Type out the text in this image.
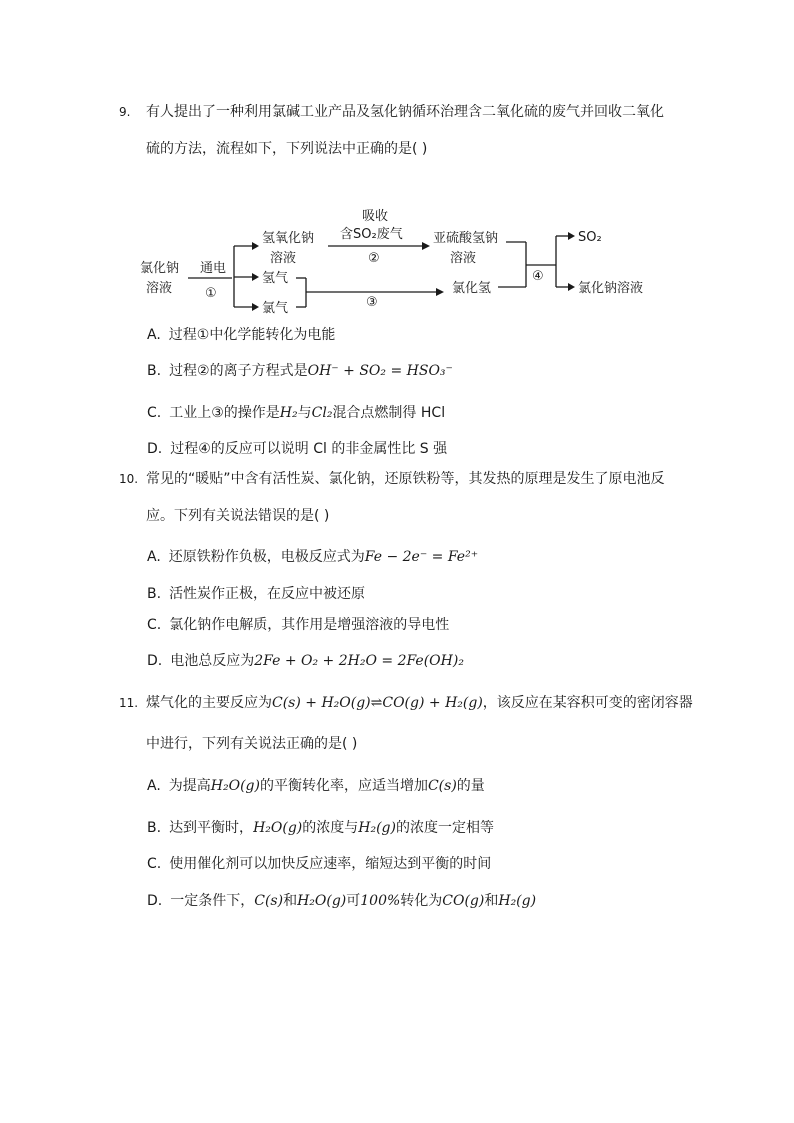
9. 有人提出了一种利用氯碱工业产品及氢化钠循环治理含二氧化硫的废气并回收二氧化
硫的方法，流程如下，下列说法中正确的是( )
氯化钠
溶液
通电
①
氢氧化钠
溶液
氢气
氯气
吸收
含SO₂废气
②
亚硫酸氢钠
溶液
③
氯化氢
④
SO₂
氯化钠溶液
A. 过程①中化学能转化为电能
B. 过程②的离子方程式是OH⁻ + SO₂ = HSO₃⁻
C. 工业上③的操作是H₂与Cl₂混合点燃制得 HCl
D. 过程④的反应可以说明 Cl 的非金属性比 S 强
10. 常见的“暖贴”中含有活性炭、氯化钠，还原铁粉等，其发热的原理是发生了原电池反
应。下列有关说法错误的是( )
A. 还原铁粉作负极，电极反应式为Fe − 2e⁻ = Fe²⁺
B. 活性炭作正极，在反应中被还原
C. 氯化钠作电解质，其作用是增强溶液的导电性
D. 电池总反应为2Fe + O₂ + 2H₂O = 2Fe(OH)₂
11. 煤气化的主要反应为C(s) + H₂O(g)⇌CO(g) + H₂(g)，该反应在某容积可变的密闭容器
中进行，下列有关说法正确的是( )
A. 为提高H₂O(g)的平衡转化率，应适当增加C(s)的量
B. 达到平衡时，H₂O(g)的浓度与H₂(g)的浓度一定相等
C. 使用催化剂可以加快反应速率，缩短达到平衡的时间
D. 一定条件下，C(s)和H₂O(g)可100%转化为CO(g)和H₂(g)
